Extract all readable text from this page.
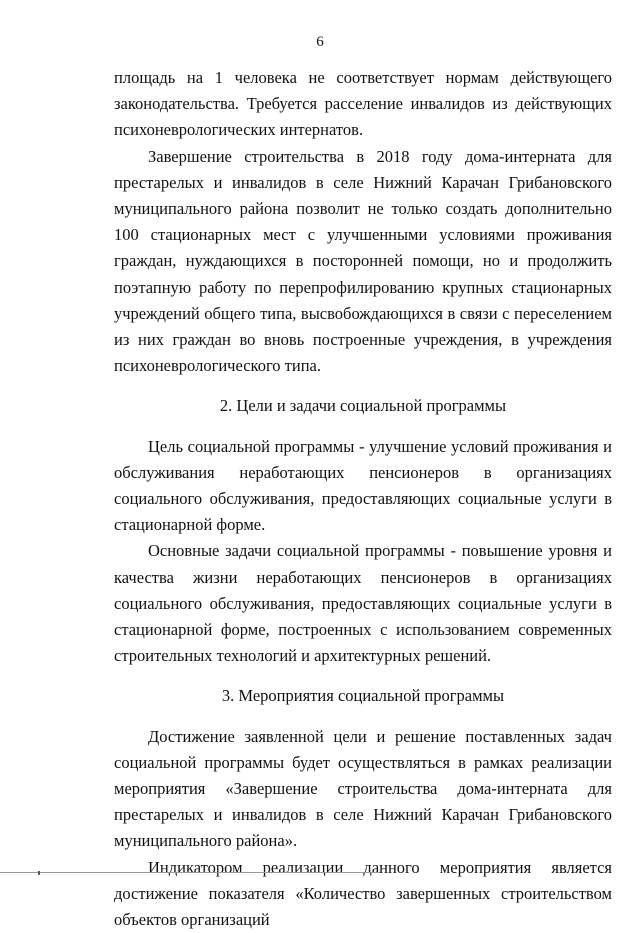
6

площадь на 1 человека не соответствует нормам действующего законодательства. Требуется расселение инвалидов из действующих психоневрологических интернатов.

Завершение строительства в 2018 году дома-интерната для престарелых и инвалидов в селе Нижний Карачан Грибановского муниципального района позволит не только создать дополнительно 100 стационарных мест с улучшенными условиями проживания граждан, нуждающихся в посторонней помощи, но и продолжить поэтапную работу по перепрофилированию крупных стационарных учреждений общего типа, высвобождающихся в связи с переселением из них граждан во вновь построенные учреждения, в учреждения психоневрологического типа.

2. Цели и задачи социальной программы

Цель социальной программы - улучшение условий проживания и обслуживания неработающих пенсионеров в организациях социального обслуживания, предоставляющих социальные услуги в стационарной форме.

Основные задачи социальной программы - повышение уровня и качества жизни неработающих пенсионеров в организациях социального обслуживания, предоставляющих социальные услуги в стационарной форме, построенных с использованием современных строительных технологий и архитектурных решений.

3. Мероприятия социальной программы

Достижение заявленной цели и решение поставленных задач социальной программы будет осуществляться в рамках реализации мероприятия «Завершение строительства дома-интерната для престарелых и инвалидов в селе Нижний Карачан Грибановского муниципального района».

Индикатором реализации данного мероприятия является достижение показателя «Количество завершенных строительством объектов организаций
